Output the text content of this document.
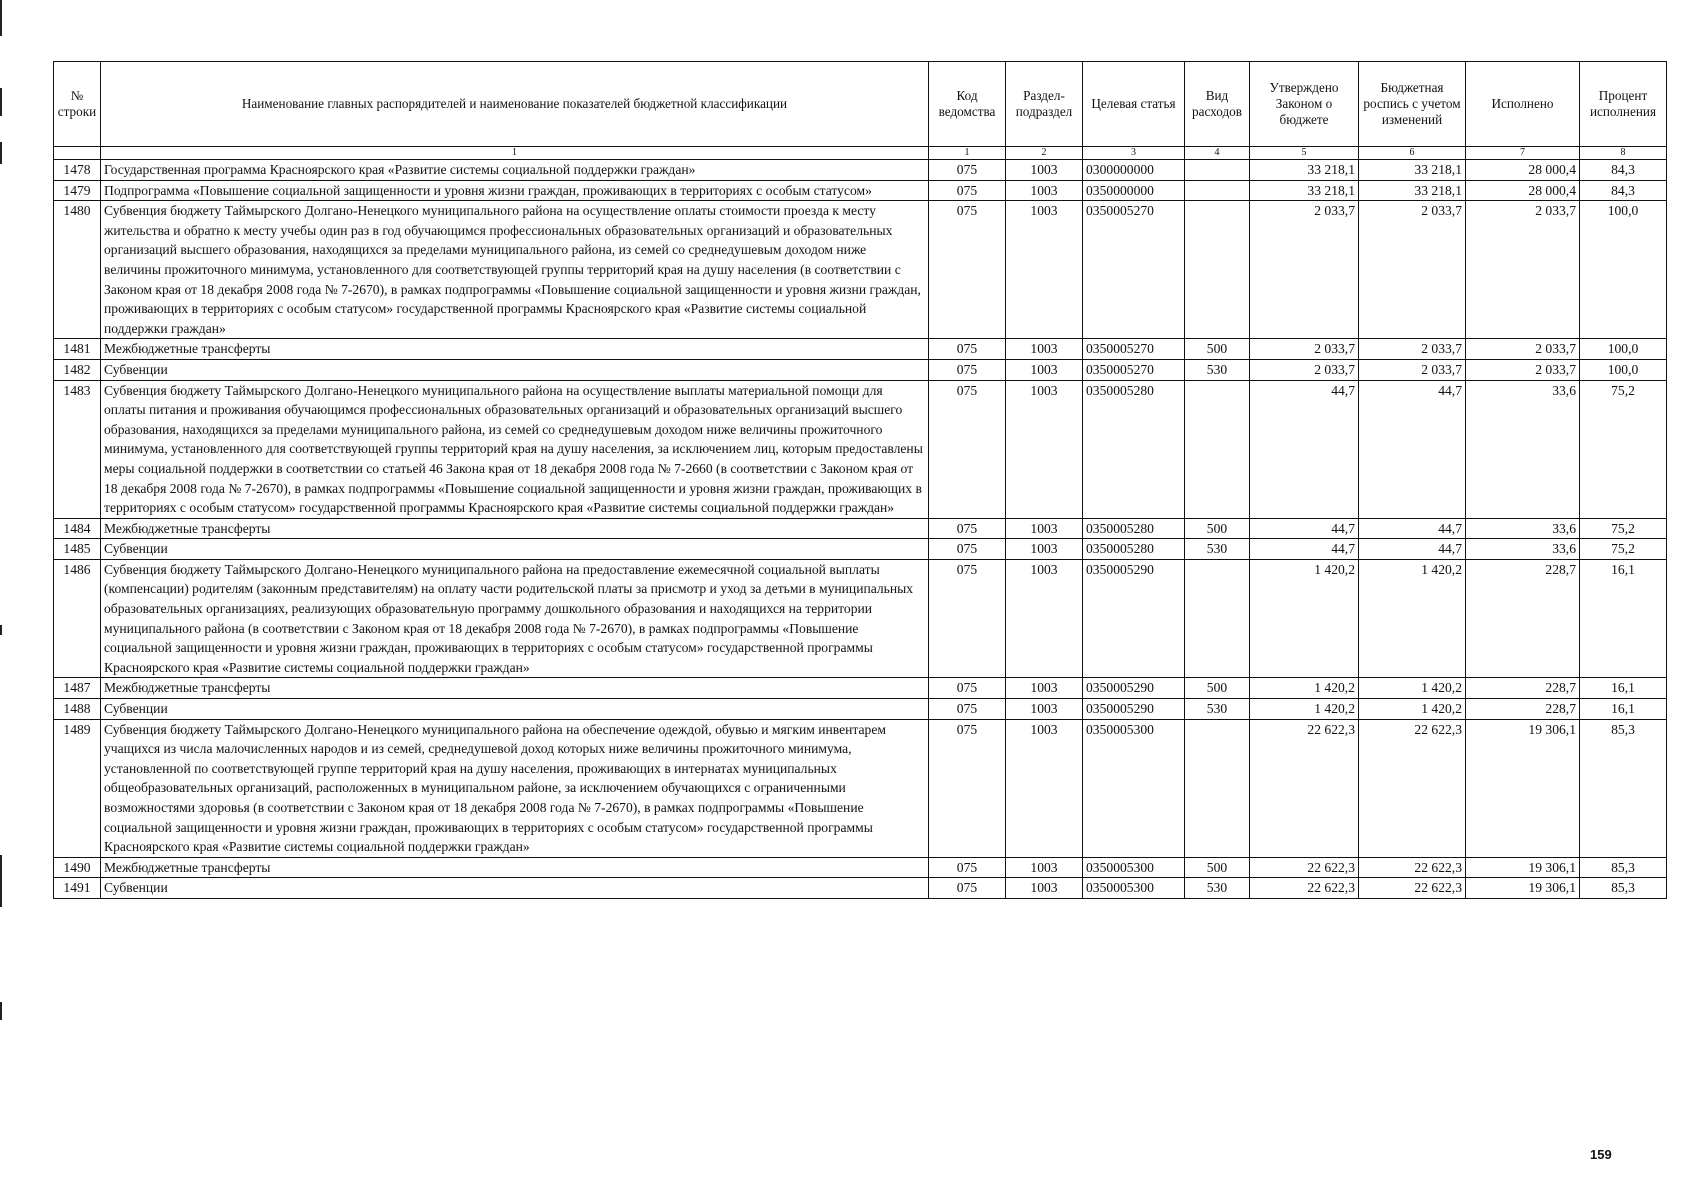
№ строки	Наименование главных распорядителей и наименование показателей бюджетной классификации	Код ведомства	Раздел-подраздел	Целевая статья	Вид расходов	Утверждено Законом о бюджете	Бюджетная роспись с учетом изменений	Исполнено	Процент исполнения
	1	1	2	3	4	5	6	7	8
1478	Государственная программа Красноярского края «Развитие системы социальной поддержки граждан»	075	1003	0300000000		33 218,1	33 218,1	28 000,4	84,3
1479	Подпрограмма «Повышение социальной защищенности и уровня жизни граждан, проживающих в территориях с особым статусом»	075	1003	0350000000		33 218,1	33 218,1	28 000,4	84,3
1480	Субвенция бюджету Таймырского Долгано-Ненецкого муниципального района на осуществление оплаты стоимости проезда к месту жительства и обратно к месту учебы один раз в год обучающимся профессиональных образовательных организаций и образовательных организаций высшего образования, находящихся за пределами муниципального района, из семей со среднедушевым доходом ниже величины прожиточного минимума, установленного для соответствующей группы территорий края на душу населения (в соответствии с Законом края от 18 декабря 2008 года № 7-2670), в рамках подпрограммы «Повышение социальной защищенности и уровня жизни граждан, проживающих в территориях с особым статусом» государственной программы Красноярского края «Развитие системы социальной поддержки граждан»	075	1003	0350005270		2 033,7	2 033,7	2 033,7	100,0
1481	Межбюджетные трансферты	075	1003	0350005270	500	2 033,7	2 033,7	2 033,7	100,0
1482	Субвенции	075	1003	0350005270	530	2 033,7	2 033,7	2 033,7	100,0
1483	Субвенция бюджету Таймырского Долгано-Ненецкого муниципального района на осуществление выплаты материальной помощи для оплаты питания и проживания обучающимся профессиональных образовательных организаций и образовательных организаций высшего образования, находящихся за пределами муниципального района, из семей со среднедушевым доходом ниже величины прожиточного минимума, установленного для соответствующей группы территорий края на душу населения, за исключением лиц, которым предоставлены меры социальной поддержки в соответствии со статьей 46 Закона края от 18 декабря 2008 года № 7-2660 (в соответствии с Законом края от 18 декабря 2008 года № 7-2670), в рамках подпрограммы «Повышение социальной защищенности и уровня жизни граждан, проживающих в территориях с особым статусом» государственной программы Красноярского края «Развитие системы социальной поддержки граждан»	075	1003	0350005280		44,7	44,7	33,6	75,2
1484	Межбюджетные трансферты	075	1003	0350005280	500	44,7	44,7	33,6	75,2
1485	Субвенции	075	1003	0350005280	530	44,7	44,7	33,6	75,2
1486	Субвенция бюджету Таймырского Долгано-Ненецкого муниципального района на предоставление ежемесячной социальной выплаты (компенсации) родителям (законным представителям) на оплату части родительской платы за присмотр и уход за детьми в муниципальных образовательных организациях, реализующих образовательную программу дошкольного образования и находящихся на территории муниципального района (в соответствии с Законом края от 18 декабря 2008 года № 7-2670), в рамках подпрограммы «Повышение социальной защищенности и уровня жизни граждан, проживающих в территориях с особым статусом» государственной программы Красноярского края «Развитие системы социальной поддержки граждан»	075	1003	0350005290		1 420,2	1 420,2	228,7	16,1
1487	Межбюджетные трансферты	075	1003	0350005290	500	1 420,2	1 420,2	228,7	16,1
1488	Субвенции	075	1003	0350005290	530	1 420,2	1 420,2	228,7	16,1
1489	Субвенция бюджету Таймырского Долгано-Ненецкого муниципального района на обеспечение одеждой, обувью и мягким инвентарем учащихся из числа малочисленных народов и из семей, среднедушевой доход которых ниже величины прожиточного минимума, установленной по соответствующей группе территорий края на душу населения, проживающих в интернатах муниципальных общеобразовательных организаций, расположенных в муниципальном районе, за исключением обучающихся с ограниченными возможностями здоровья (в соответствии с Законом края от 18 декабря 2008 года № 7-2670), в рамках подпрограммы «Повышение социальной защищенности и уровня жизни граждан, проживающих в территориях с особым статусом» государственной программы Красноярского края «Развитие системы социальной поддержки граждан»	075	1003	0350005300		22 622,3	22 622,3	19 306,1	85,3
1490	Межбюджетные трансферты	075	1003	0350005300	500	22 622,3	22 622,3	19 306,1	85,3
1491	Субвенции	075	1003	0350005300	530	22 622,3	22 622,3	19 306,1	85,3
159
